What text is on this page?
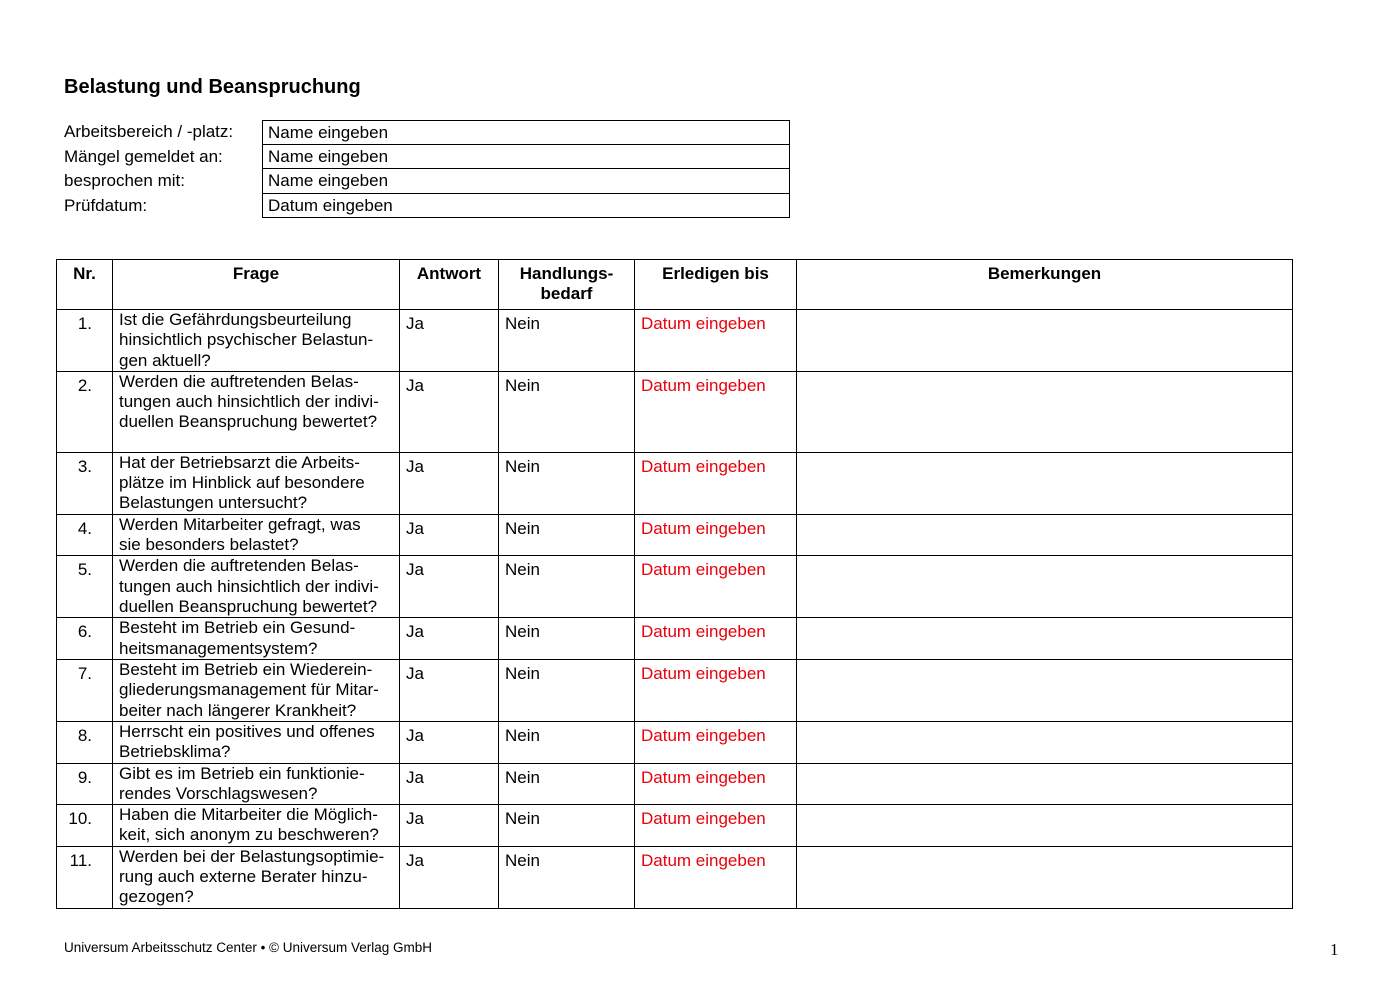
Belastung und Beanspruchung
Arbeitsbereich / -platz:	Name eingeben
Mängel gemeldet an:	Name eingeben
besprochen mit:	Name eingeben
Prüfdatum:	Datum eingeben
Nr.	Frage	Antwort	Handlungs-
bedarf	Erledigen bis	Bemerkungen
1.	Ist die Gefährdungsbeurteilung
hinsichtlich psychischer Belastun-
gen aktuell?	Ja	Nein	Datum eingeben	
2.	Werden die auftretenden Belas-
tungen auch hinsichtlich der indivi-
duellen Beanspruchung bewertet?	Ja	Nein	Datum eingeben	
3.	Hat der Betriebsarzt die Arbeits-
plätze im Hinblick auf besondere
Belastungen untersucht?	Ja	Nein	Datum eingeben	
4.	Werden Mitarbeiter gefragt, was
sie besonders belastet?	Ja	Nein	Datum eingeben	
5.	Werden die auftretenden Belas-
tungen auch hinsichtlich der indivi-
duellen Beanspruchung bewertet?	Ja	Nein	Datum eingeben	
6.	Besteht im Betrieb ein Gesund-
heitsmanagementsystem?	Ja	Nein	Datum eingeben	
7.	Besteht im Betrieb ein Wiederein-
gliederungsmanagement für Mitar-
beiter nach längerer Krankheit?	Ja	Nein	Datum eingeben	
8.	Herrscht ein positives und offenes
Betriebsklima?	Ja	Nein	Datum eingeben	
9.	Gibt es im Betrieb ein funktionie-
rendes Vorschlagswesen?	Ja	Nein	Datum eingeben	
10.	Haben die Mitarbeiter die Möglich-
keit, sich anonym zu beschweren?	Ja	Nein	Datum eingeben	
11.	Werden bei der Belastungsoptimie-
rung auch externe Berater hinzu-
gezogen?	Ja	Nein	Datum eingeben	
Universum Arbeitsschutz Center • © Universum Verlag GmbH	1
